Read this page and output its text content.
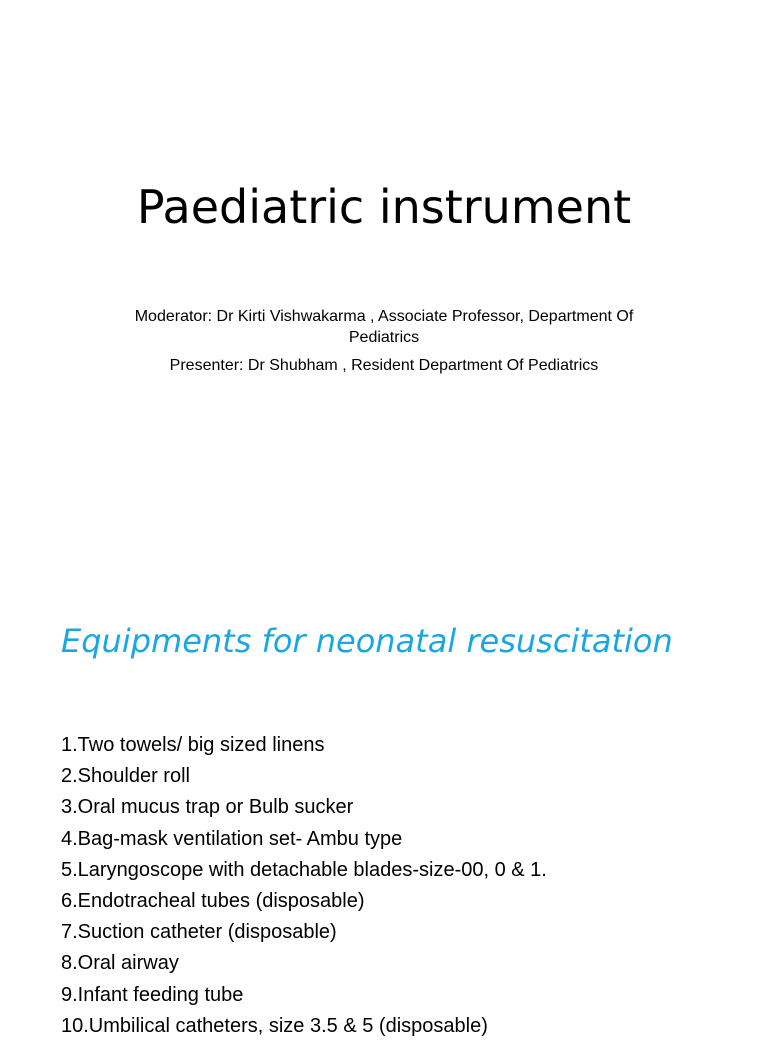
Paediatric instrument

Moderator: Dr Kirti Vishwakarma , Associate Professor, Department Of Pediatrics

Presenter: Dr Shubham , Resident Department Of Pediatrics

Equipments for neonatal resuscitation
1.Two towels/ big sized linens
2.Shoulder roll
3.Oral mucus trap or Bulb sucker
4.Bag-mask ventilation set- Ambu type
5.Laryngoscope with detachable blades-size-00, 0 & 1.
6.Endotracheal tubes (disposable)
7.Suction catheter (disposable)
8.Oral airway
9.Infant feeding tube
10.Umbilical catheters, size 3.5 & 5 (disposable)
